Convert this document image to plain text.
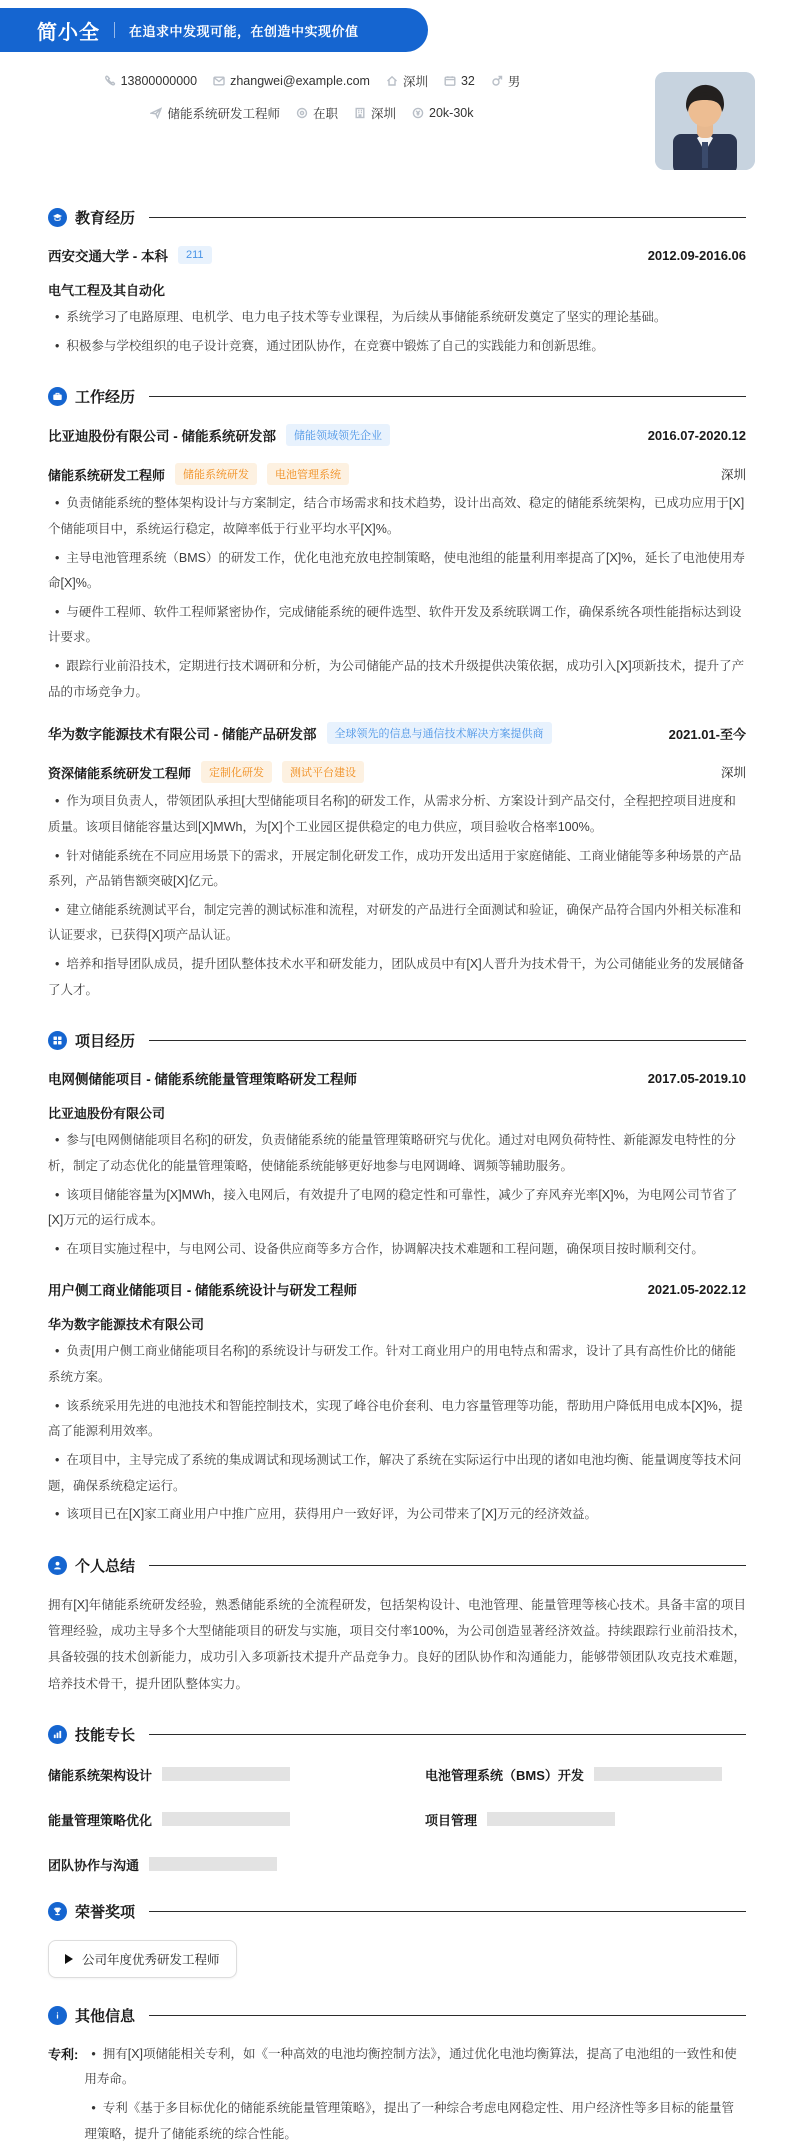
简小全 在追求中发现可能，在创造中实现价值
13800000000	zhangwei@example.com	深圳	32	男
储能系统研发工程师	在职	深圳	20k-30k
教育经历
西安交通大学 - 本科	211	2012.09-2016.06
电气工程及其自动化
• 系统学习了电路原理、电机学、电力电子技术等专业课程，为后续从事储能系统研发奠定了坚实的理论基础。
• 积极参与学校组织的电子设计竞赛，通过团队协作，在竞赛中锻炼了自己的实践能力和创新思维。
工作经历
比亚迪股份有限公司 - 储能系统研发部	储能领域领先企业	2016.07-2020.12
储能系统研发工程师	储能系统研发	电池管理系统	深圳
• 负责储能系统的整体架构设计与方案制定，结合市场需求和技术趋势，设计出高效、稳定的储能系统架构，已成功应用于[X]个储能项目中，系统运行稳定，故障率低于行业平均水平[X]%。
• 主导电池管理系统（BMS）的研发工作，优化电池充放电控制策略，使电池组的能量利用率提高了[X]%，延长了电池使用寿命[X]%。
• 与硬件工程师、软件工程师紧密协作，完成储能系统的硬件选型、软件开发及系统联调工作，确保系统各项性能指标达到设计要求。
• 跟踪行业前沿技术，定期进行技术调研和分析，为公司储能产品的技术升级提供决策依据，成功引入[X]项新技术，提升了产品的市场竞争力。
华为数字能源技术有限公司 - 储能产品研发部	全球领先的信息与通信技术解决方案提供商	2021.01-至今
资深储能系统研发工程师	定制化研发	测试平台建设	深圳
• 作为项目负责人，带领团队承担[大型储能项目名称]的研发工作，从需求分析、方案设计到产品交付，全程把控项目进度和质量。该项目储能容量达到[X]MWh，为[X]个工业园区提供稳定的电力供应，项目验收合格率100%。
• 针对储能系统在不同应用场景下的需求，开展定制化研发工作，成功开发出适用于家庭储能、工商业储能等多种场景的产品系列，产品销售额突破[X]亿元。
• 建立储能系统测试平台，制定完善的测试标准和流程，对研发的产品进行全面测试和验证，确保产品符合国内外相关标准和认证要求，已获得[X]项产品认证。
• 培养和指导团队成员，提升团队整体技术水平和研发能力，团队成员中有[X]人晋升为技术骨干，为公司储能业务的发展储备了人才。
项目经历
电网侧储能项目 - 储能系统能量管理策略研发工程师	2017.05-2019.10
比亚迪股份有限公司
• 参与[电网侧储能项目名称]的研发，负责储能系统的能量管理策略研究与优化。通过对电网负荷特性、新能源发电特性的分析，制定了动态优化的能量管理策略，使储能系统能够更好地参与电网调峰、调频等辅助服务。
• 该项目储能容量为[X]MWh，接入电网后，有效提升了电网的稳定性和可靠性，减少了弃风弃光率[X]%，为电网公司节省了[X]万元的运行成本。
• 在项目实施过程中，与电网公司、设备供应商等多方合作，协调解决技术难题和工程问题，确保项目按时顺利交付。
用户侧工商业储能项目 - 储能系统设计与研发工程师	2021.05-2022.12
华为数字能源技术有限公司
• 负责[用户侧工商业储能项目名称]的系统设计与研发工作。针对工商业用户的用电特点和需求，设计了具有高性价比的储能系统方案。
• 该系统采用先进的电池技术和智能控制技术，实现了峰谷电价套利、电力容量管理等功能，帮助用户降低用电成本[X]%，提高了能源利用效率。
• 在项目中，主导完成了系统的集成调试和现场测试工作，解决了系统在实际运行中出现的诸如电池均衡、能量调度等技术问题，确保系统稳定运行。
• 该项目已在[X]家工商业用户中推广应用，获得用户一致好评，为公司带来了[X]万元的经济效益。
个人总结
拥有[X]年储能系统研发经验，熟悉储能系统的全流程研发，包括架构设计、电池管理、能量管理等核心技术。具备丰富的项目管理经验，成功主导多个大型储能项目的研发与实施，项目交付率100%，为公司创造显著经济效益。持续跟踪行业前沿技术，具备较强的技术创新能力，成功引入多项新技术提升产品竞争力。良好的团队协作和沟通能力，能够带领团队攻克技术难题，培养技术骨干，提升团队整体实力。
技能专长
储能系统架构设计	电池管理系统（BMS）开发
能量管理策略优化	项目管理
团队协作与沟通
荣誉奖项
公司年度优秀研发工程师
其他信息
专利:	• 拥有[X]项储能相关专利，如《一种高效的电池均衡控制方法》，通过优化电池均衡算法，提高了电池组的一致性和使用寿命。
• 专利《基于多目标优化的储能系统能量管理策略》，提出了一种综合考虑电网稳定性、用户经济性等多目标的能量管理策略，提升了储能系统的综合性能。
